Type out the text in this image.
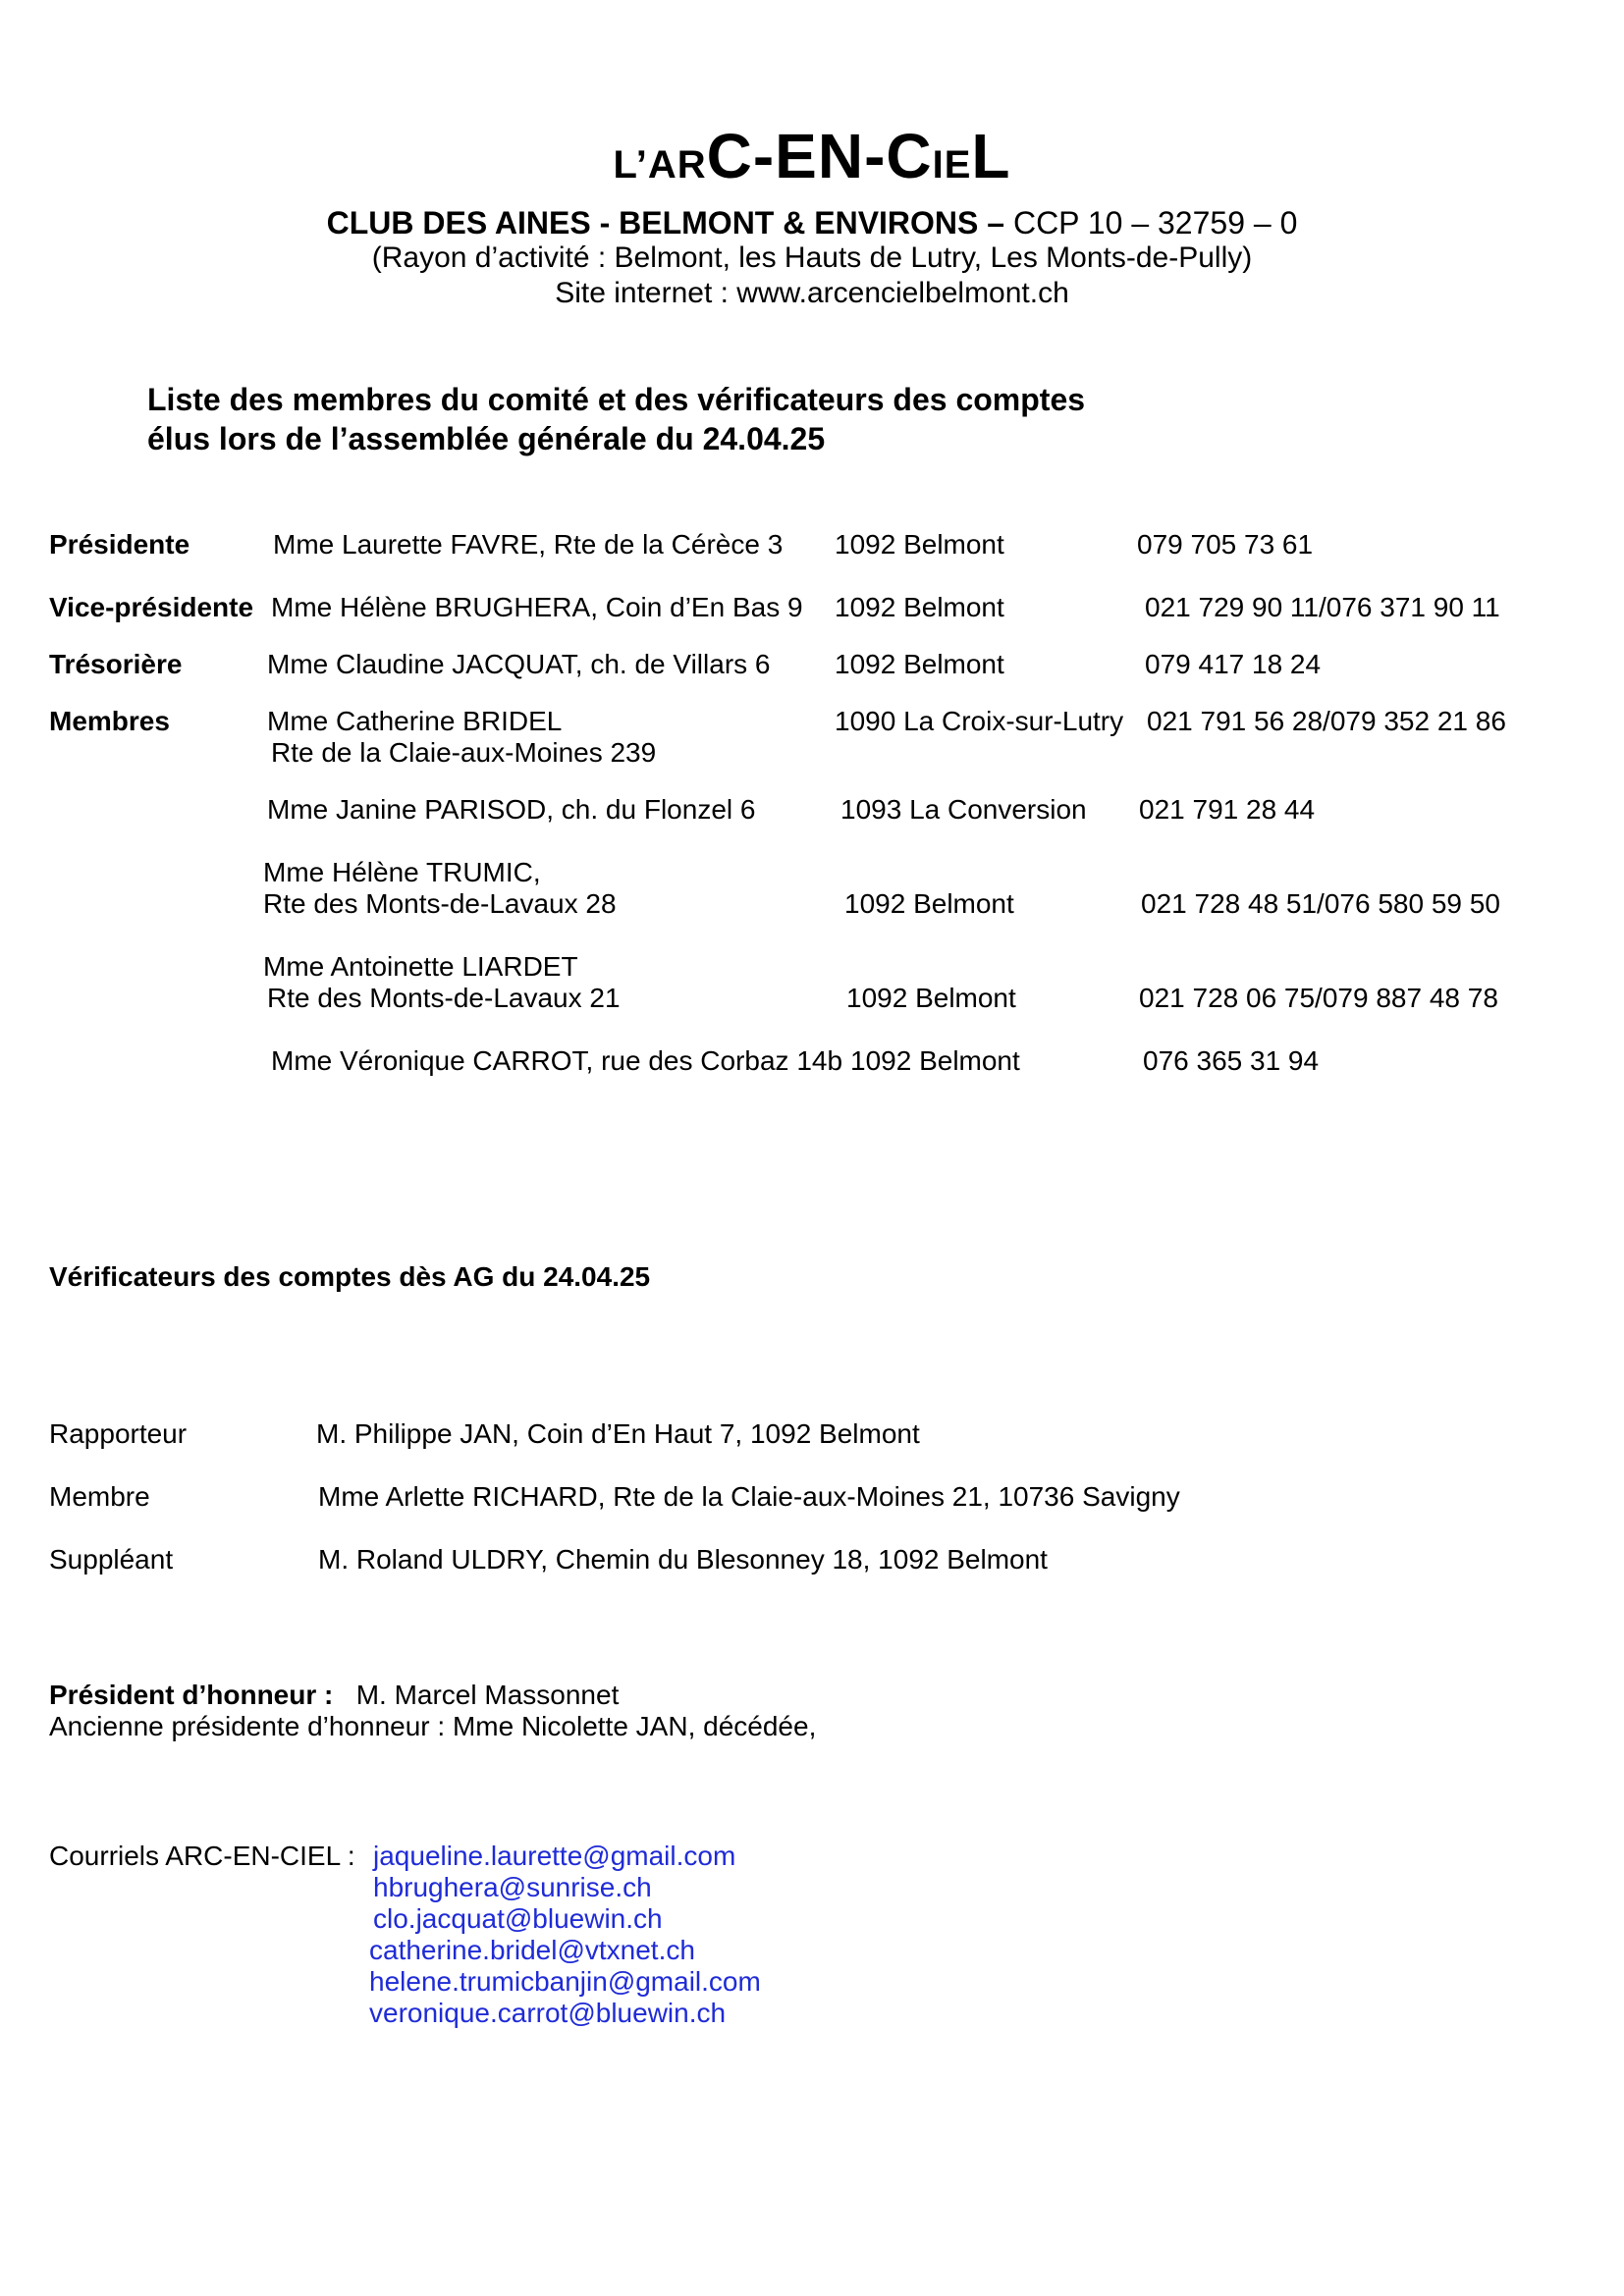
L’ARC-EN-CIEL
CLUB DES AINES - BELMONT & ENVIRONS – CCP 10 – 32759 – 0
(Rayon d’activité : Belmont, les Hauts de Lutry, Les Monts-de-Pully)
Site internet : www.arcencielbelmont.ch
Liste des membres du comité et des vérificateurs des comptes
élus lors de l’assemblée générale du 24.04.25
Présidente	Mme Laurette FAVRE, Rte de la Cérèce 3 1092 Belmont	079 705 73 61
Vice-présidente Mme Hélène BRUGHERA, Coin d’En Bas 9 1092 Belmont	021 729 90 11/076 371 90 11
Trésorière	Mme Claudine JACQUAT, ch. de Villars 6 1092 Belmont	079 417 18 24
Membres	Mme Catherine BRIDEL
Rte de la Claie-aux-Moines 239
1090 La Croix-sur-Lutry 021 791 56 28/079 352 21 86
Mme Janine PARISOD, ch. du Flonzel 6	1093 La Conversion 021 791 28 44
Mme Hélène TRUMIC,
Rte des Monts-de-Lavaux 28	1092 Belmont	021 728 48 51/076 580 59 50
Mme Antoinette LIARDET
Rte des Monts-de-Lavaux 21	1092 Belmont	021 728 06 75/079 887 48 78
Mme Véronique CARROT, rue des Corbaz 14b 1092 Belmont	076 365 31 94
Vérificateurs des comptes dès AG du 24.04.25
Rapporteur	M. Philippe JAN, Coin d’En Haut 7, 1092 Belmont
Membre	Mme Arlette RICHARD, Rte de la Claie-aux-Moines 21, 10736 Savigny
Suppléant	M. Roland ULDRY, Chemin du Blesonney 18, 1092 Belmont
Président d’honneur : M. Marcel Massonnet
Ancienne présidente d’honneur : Mme Nicolette JAN, décédée,
Courriels ARC-EN-CIEL : jaqueline.laurette@gmail.com
hbrughera@sunrise.ch
clo.jacquat@bluewin.ch
catherine.bridel@vtxnet.ch
helene.trumicbanjin@gmail.com
veronique.carrot@bluewin.ch
